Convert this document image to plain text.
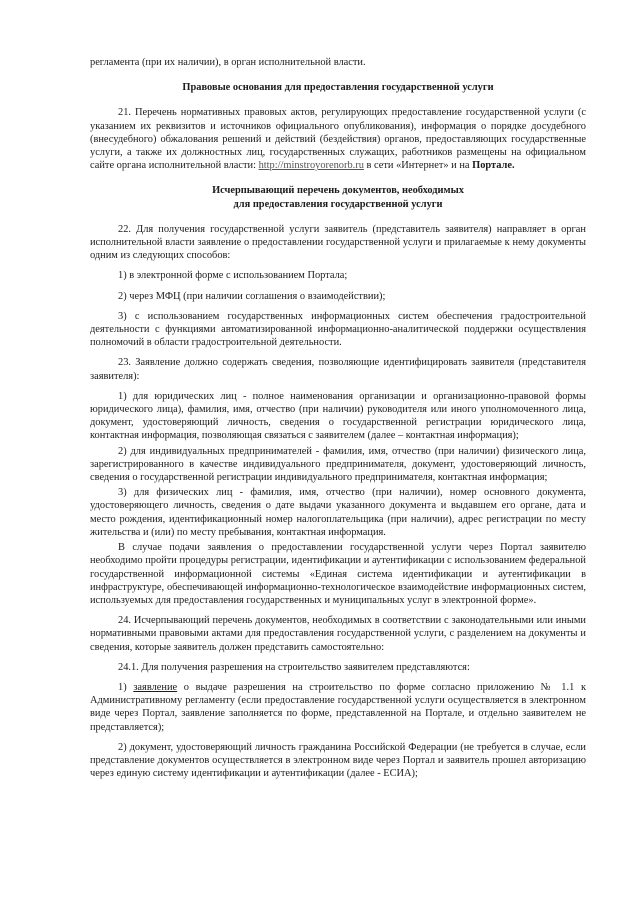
регламента (при их наличии), в орган исполнительной власти.

Правовые основания для предоставления государственной услуги

21. Перечень нормативных правовых актов, регулирующих предоставление государственной услуги (с указанием их реквизитов и источников официального опубликования), информация о порядке досудебного (внесудебного) обжалования решений и действий (бездействия) органов, предоставляющих государственные услуги, а также их должностных лиц, государственных служащих, работников размещены на официальном сайте органа исполнительной власти: http://minstroyorenorb.ru в сети «Интернет» и на Портале.

Исчерпывающий перечень документов, необходимых
для предоставления государственной услуги

22. Для получения государственной услуги заявитель (представитель заявителя) направляет в орган исполнительной власти заявление о предоставлении государственной услуги и прилагаемые к нему документы одним из следующих способов:

1) в электронной форме с использованием Портала;

2) через МФЦ (при наличии соглашения о взаимодействии);

3) с использованием государственных информационных систем обеспечения градостроительной деятельности с функциями автоматизированной информационно-аналитической поддержки осуществления полномочий в области градостроительной деятельности.

23. Заявление должно содержать сведения, позволяющие идентифицировать заявителя (представителя заявителя):

1) для юридических лиц - полное наименования организации и организационно-правовой формы юридического лица), фамилия, имя, отчество (при наличии) руководителя или иного уполномоченного лица, документ, удостоверяющий личность, сведения о государственной регистрации юридического лица, контактная информация, позволяющая связаться с заявителем (далее – контактная информация);

2) для индивидуальных предпринимателей - фамилия, имя, отчество (при наличии) физического лица, зарегистрированного в качестве индивидуального предпринимателя, документ, удостоверяющий личность, сведения о государственной регистрации индивидуального предпринимателя, контактная информация;

3) для физических лиц - фамилия, имя, отчество (при наличии), номер основного документа, удостоверяющего личность, сведения о дате выдачи указанного документа и выдавшем его органе, дата и место рождения, идентификационный номер налогоплательщика (при наличии), адрес регистрации по месту жительства и (или) по месту пребывания, контактная информация.

В случае подачи заявления о предоставлении государственной услуги через Портал заявителю необходимо пройти процедуры регистрации, идентификации и аутентификации с использованием федеральной государственной информационной системы «Единая система идентификации и аутентификации в инфраструктуре, обеспечивающей информационно-технологическое взаимодействие информационных систем, используемых для предоставления государственных и муниципальных услуг в электронной форме».

24. Исчерпывающий перечень документов, необходимых в соответствии с законодательными или иными нормативными правовыми актами для предоставления государственной услуги, с разделением на документы и сведения, которые заявитель должен представить самостоятельно:

24.1. Для получения разрешения на строительство заявителем представляются:

1) заявление о выдаче разрешения на строительство по форме согласно приложению № 1.1 к Административному регламенту (если предоставление государственной услуги осуществляется в электронном виде через Портал, заявление заполняется по форме, представленной на Портале, и отдельно заявителем не представляется);

2) документ, удостоверяющий личность гражданина Российской Федерации (не требуется в случае, если представление документов осуществляется в электронном виде через Портал и заявитель прошел авторизацию через единую систему идентификации и аутентификации (далее - ЕСИА);
